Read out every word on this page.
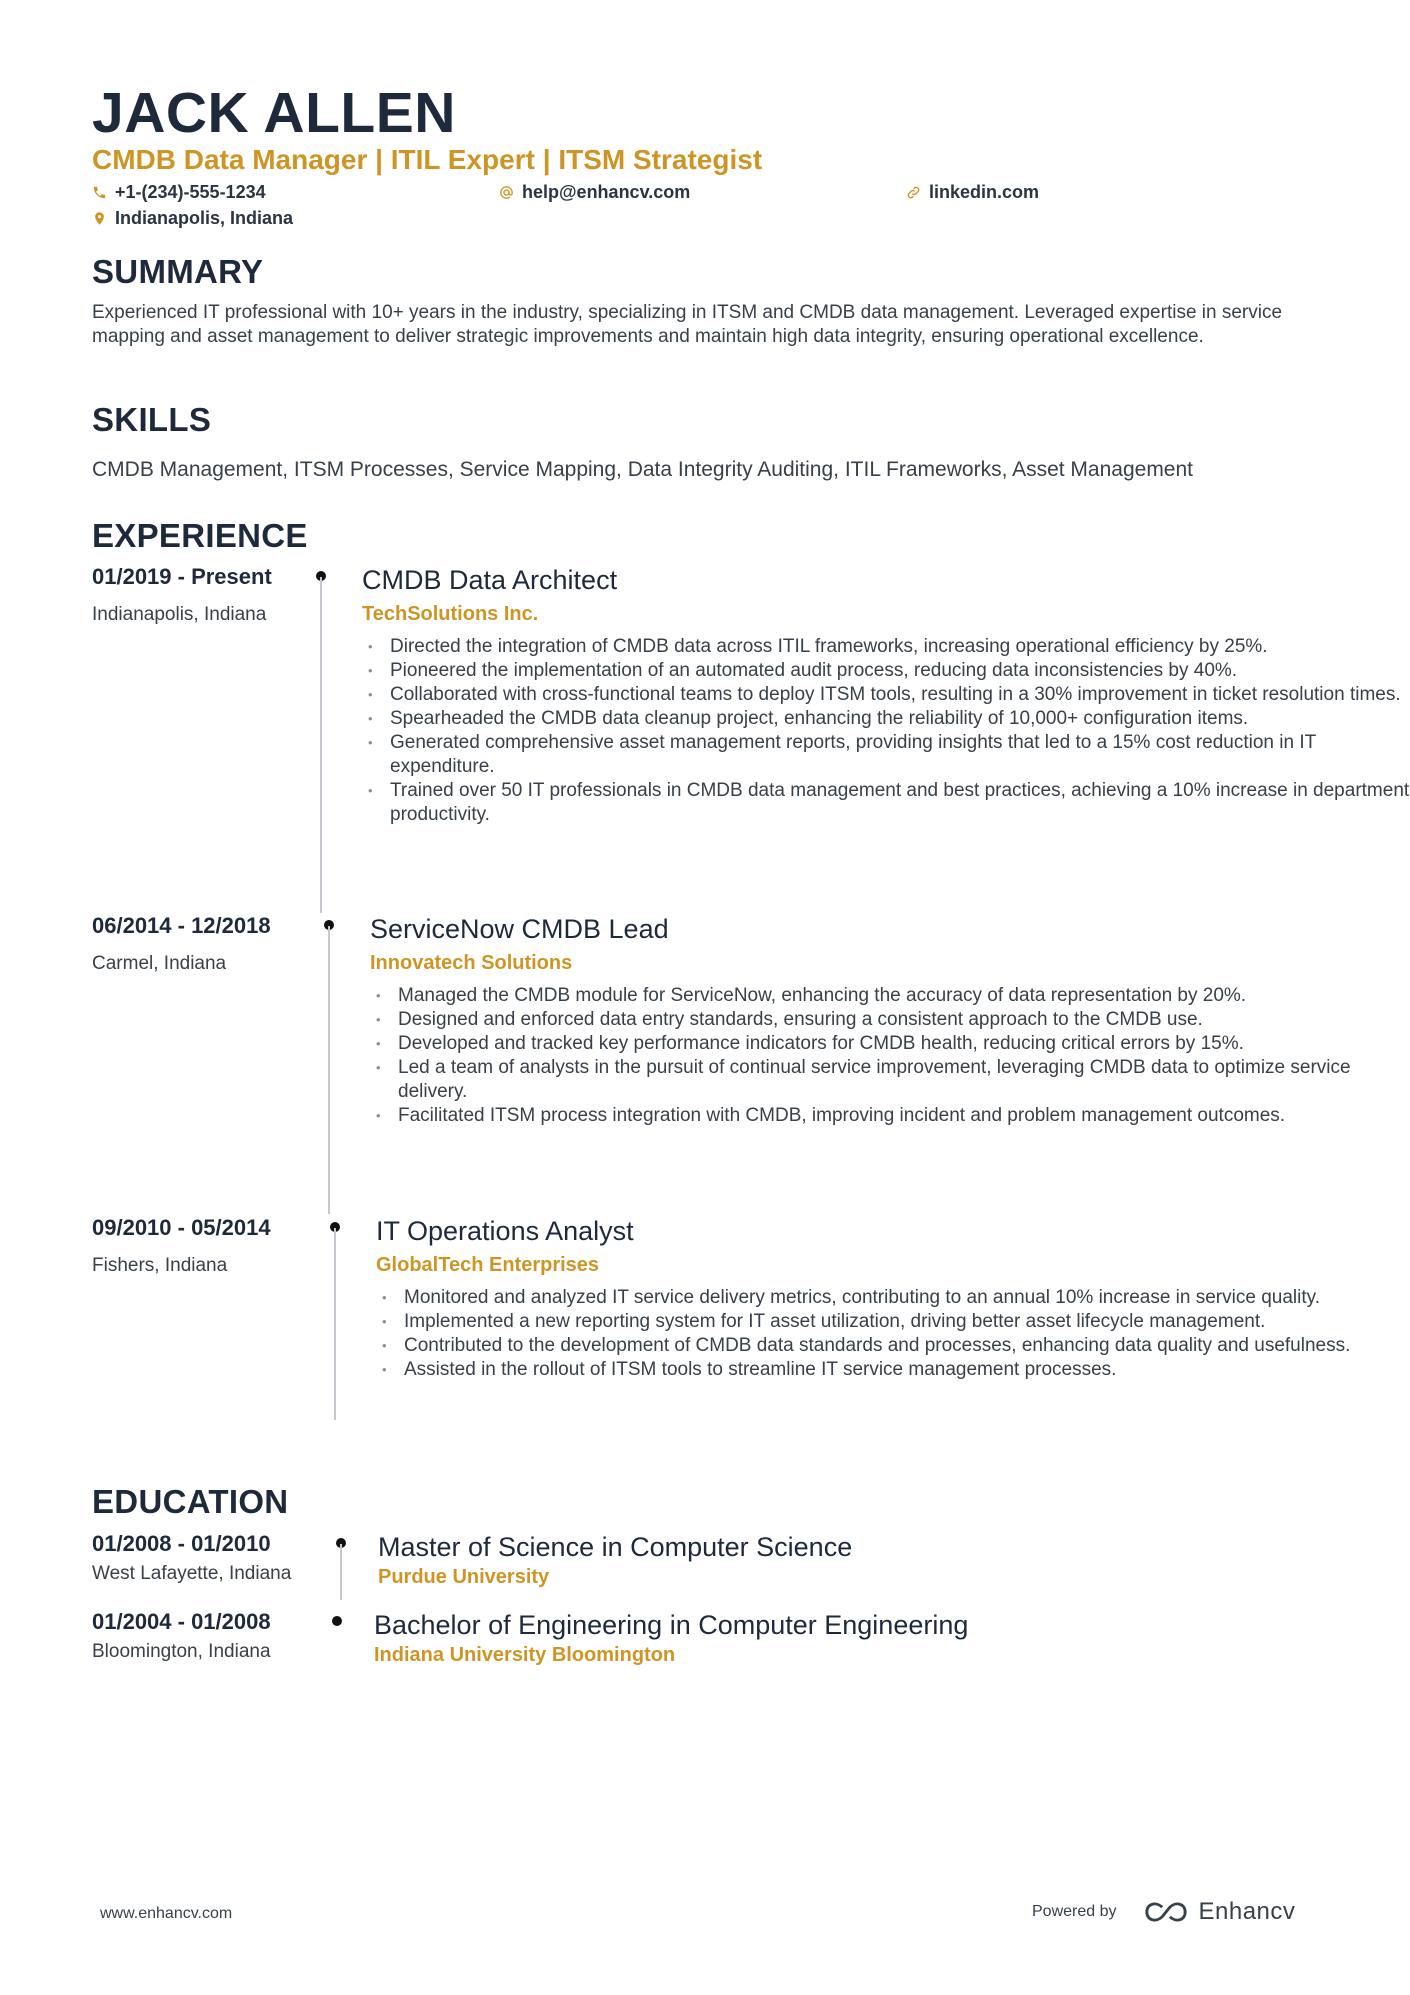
JACK ALLEN
CMDB Data Manager | ITIL Expert | ITSM Strategist
+1-(234)-555-1234	help@enhancv.com	linkedin.com
Indianapolis, Indiana
SUMMARY
Experienced IT professional with 10+ years in the industry, specializing in ITSM and CMDB data management. Leveraged expertise in service mapping and asset management to deliver strategic improvements and maintain high data integrity, ensuring operational excellence.
SKILLS
CMDB Management, ITSM Processes, Service Mapping, Data Integrity Auditing, ITIL Frameworks, Asset Management
EXPERIENCE
01/2019 - Present
Indianapolis, Indiana
CMDB Data Architect
TechSolutions Inc.
• Directed the integration of CMDB data across ITIL frameworks, increasing operational efficiency by 25%.
• Pioneered the implementation of an automated audit process, reducing data inconsistencies by 40%.
• Collaborated with cross-functional teams to deploy ITSM tools, resulting in a 30% improvement in ticket resolution times.
• Spearheaded the CMDB data cleanup project, enhancing the reliability of 10,000+ configuration items.
• Generated comprehensive asset management reports, providing insights that led to a 15% cost reduction in IT expenditure.
• Trained over 50 IT professionals in CMDB data management and best practices, achieving a 10% increase in department productivity.
06/2014 - 12/2018
Carmel, Indiana
ServiceNow CMDB Lead
Innovatech Solutions
• Managed the CMDB module for ServiceNow, enhancing the accuracy of data representation by 20%.
• Designed and enforced data entry standards, ensuring a consistent approach to the CMDB use.
• Developed and tracked key performance indicators for CMDB health, reducing critical errors by 15%.
• Led a team of analysts in the pursuit of continual service improvement, leveraging CMDB data to optimize service delivery.
• Facilitated ITSM process integration with CMDB, improving incident and problem management outcomes.
09/2010 - 05/2014
Fishers, Indiana
IT Operations Analyst
GlobalTech Enterprises
• Monitored and analyzed IT service delivery metrics, contributing to an annual 10% increase in service quality.
• Implemented a new reporting system for IT asset utilization, driving better asset lifecycle management.
• Contributed to the development of CMDB data standards and processes, enhancing data quality and usefulness.
• Assisted in the rollout of ITSM tools to streamline IT service management processes.
EDUCATION
01/2008 - 01/2010
West Lafayette, Indiana
Master of Science in Computer Science
Purdue University
01/2004 - 01/2008
Bloomington, Indiana
Bachelor of Engineering in Computer Engineering
Indiana University Bloomington
www.enhancv.com	Powered by	Enhancv
